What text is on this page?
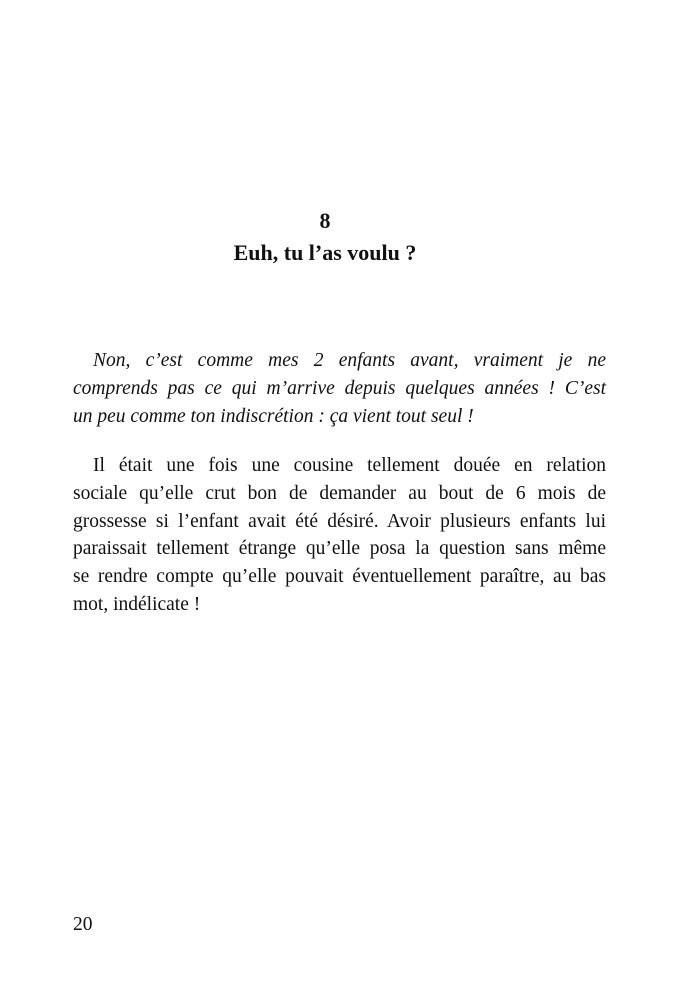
8
Euh, tu l’as voulu ?
Non, c’est comme mes 2 enfants avant, vraiment je ne
comprends pas ce qui m’arrive depuis quelques années ! C’est
un peu comme ton indiscrétion : ça vient tout seul !
Il était une fois une cousine tellement douée en relation
sociale qu’elle crut bon de demander au bout de 6 mois de
grossesse si l’enfant avait été désiré. Avoir plusieurs enfants lui
paraissait tellement étrange qu’elle posa la question sans même
se rendre compte qu’elle pouvait éventuellement paraître, au bas
mot, indélicate !
20
